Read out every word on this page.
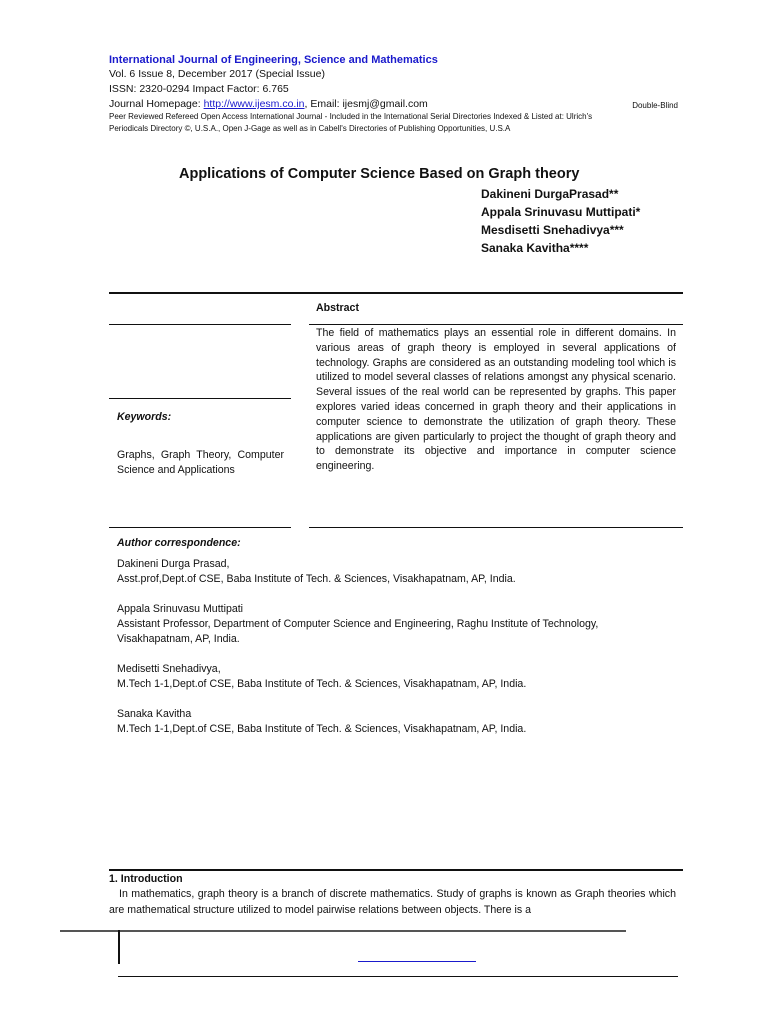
International Journal of Engineering, Science and Mathematics
Vol. 6 Issue 8, December 2017 (Special Issue)
ISSN: 2320-0294 Impact Factor: 6.765
Journal Homepage: http://www.ijesm.co.in, Email: ijesmj@gmail.com	Double-Blind
Peer Reviewed Refereed Open Access International Journal - Included in the International Serial Directories Indexed & Listed at: Ulrich's
Periodicals Directory ©, U.S.A., Open J-Gage as well as in Cabell's Directories of Publishing Opportunities, U.S.A
Applications of Computer Science Based on Graph theory
Dakineni DurgaPrasad**
Appala Srinuvasu Muttipati*
Mesdisetti Snehadivya***
Sanaka Kavitha****
Abstract
The field of mathematics plays an essential role in different domains. In various areas of graph theory is employed in several applications of technology. Graphs are considered as an outstanding modeling tool which is utilized to model several classes of relations amongst any physical scenario. Several issues of the real world can be represented by graphs. This paper explores varied ideas concerned in graph theory and their applications in computer science to demonstrate the utilization of graph theory. These applications are given particularly to project the thought of graph theory and to demonstrate its objective and importance in computer science engineering.
Keywords:
Graphs, Graph Theory, Computer Science and Applications
Author correspondence:
Dakineni Durga Prasad,
Asst.prof,Dept.of CSE, Baba Institute of Tech. & Sciences, Visakhapatnam, AP, India.
Appala Srinuvasu Muttipati
Assistant Professor, Department of Computer Science and Engineering, Raghu Institute of Technology, Visakhapatnam, AP, India.
Medisetti Snehadivya,
M.Tech 1-1,Dept.of CSE, Baba Institute of Tech. & Sciences, Visakhapatnam, AP, India.
Sanaka Kavitha
M.Tech 1-1,Dept.of CSE, Baba Institute of Tech. & Sciences, Visakhapatnam, AP, India.
1. Introduction
In mathematics, graph theory is a branch of discrete mathematics. Study of graphs is known as Graph theories which are mathematical structure utilized to model pairwise relations between objects. There is a
